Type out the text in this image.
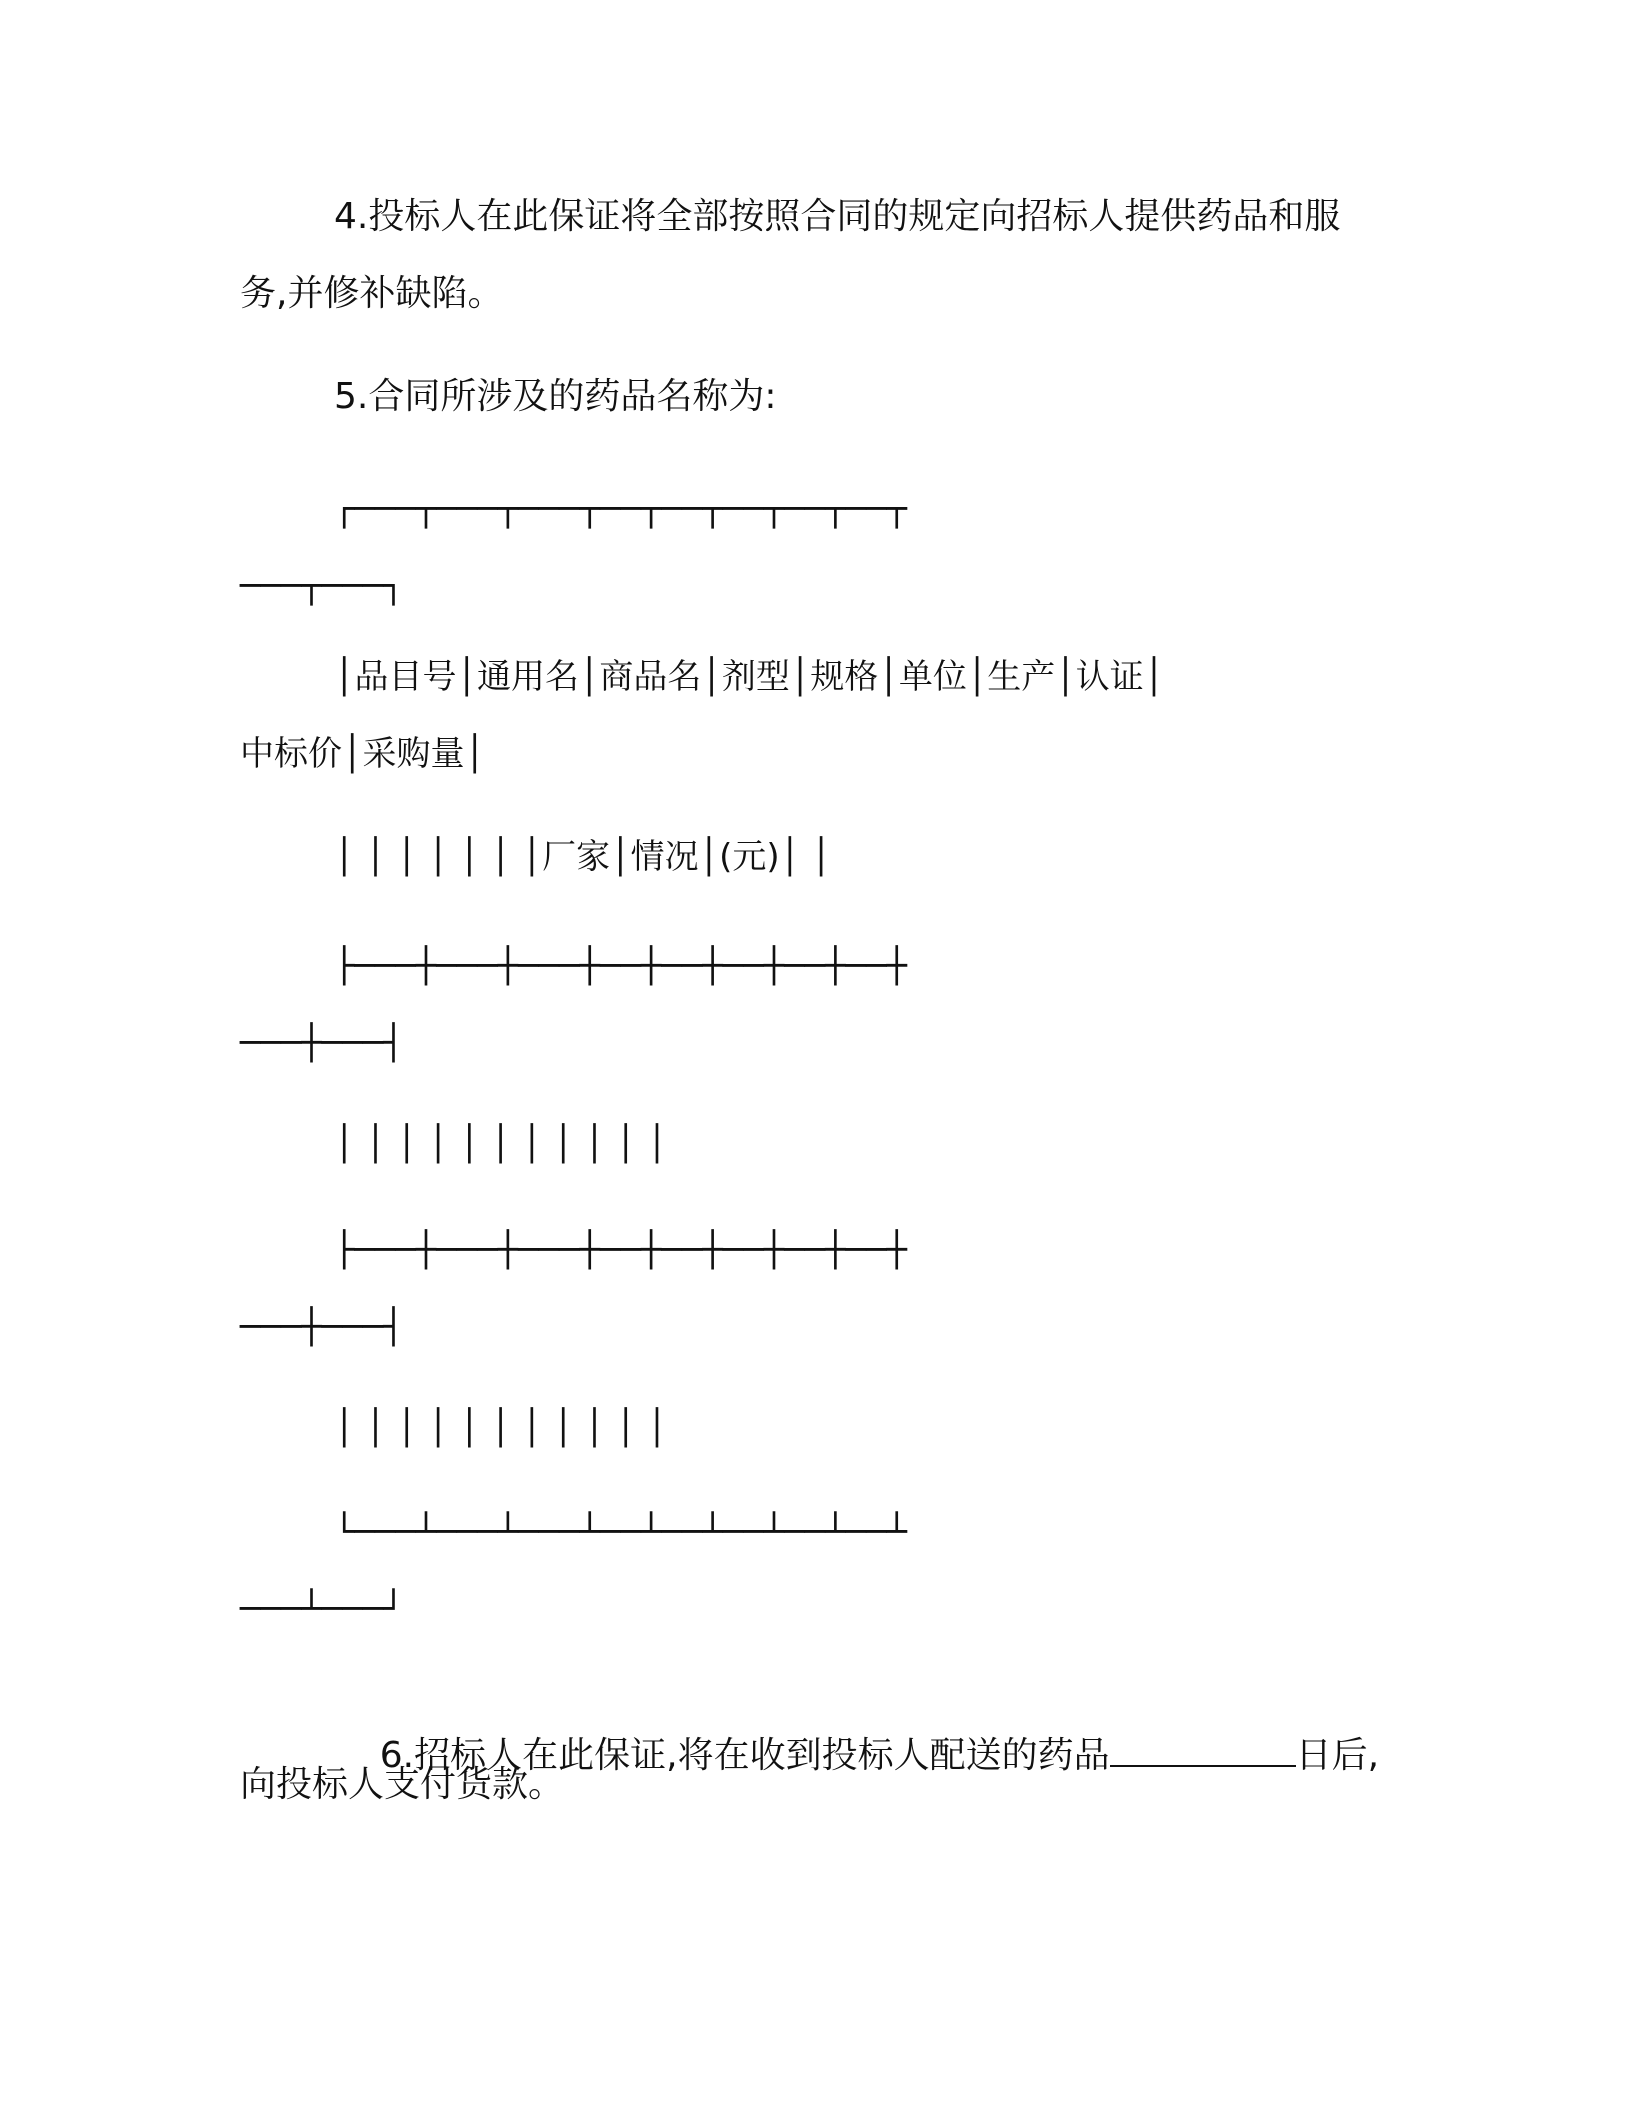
4.投标人在此保证将全部按照合同的规定向招标人提供药品和服
务,并修补缺陷。
5.合同所涉及的药品名称为:
┌───┬───┬───┬──┬──┬──┬──┬──┬
───┬───┐
│品目号│通用名│商品名│剂型│规格│单位│生产│认证│
中标价│采购量│
│ │ │ │ │ │ │厂家│情况│(元)│ │
├───┼───┼───┼──┼──┼──┼──┼──┼
───┼───┤
│ │ │ │ │ │ │ │ │ │ │
├───┼───┼───┼──┼──┼──┼──┼──┼
───┼───┤
│ │ │ │ │ │ │ │ │ │ │
└───┴───┴───┴──┴──┴──┴──┴──┴
───┴───┘

6.招标人在此保证,将在收到投标人配送的药品	日后,

向投标人支付货款。
